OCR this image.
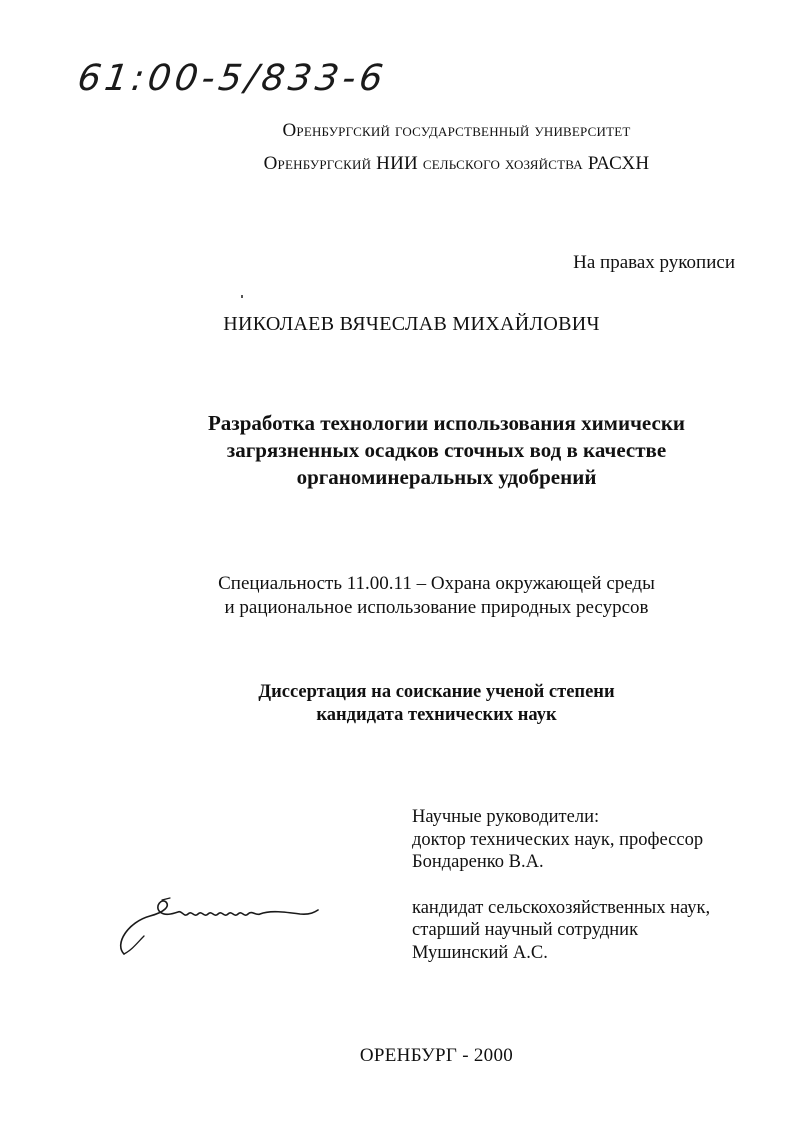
61:00-5/833-6
Оренбургский государственный университет
Оренбургский НИИ сельского хозяйства РАСХН
На правах рукописи
НИКОЛАЕВ ВЯЧЕСЛАВ МИХАЙЛОВИЧ
Разработка технологии использования химически
загрязненных осадков сточных вод в качестве
органоминеральных удобрений
Специальность 11.00.11 – Охрана окружающей среды
и рациональное использование природных ресурсов
Диссертация на соискание ученой степени
кандидата технических наук
Научные руководители:
доктор технических наук, профессор
Бондаренко В.А.
кандидат сельскохозяйственных наук,
старший научный сотрудник
Мушинский А.С.
ОРЕНБУРГ - 2000
